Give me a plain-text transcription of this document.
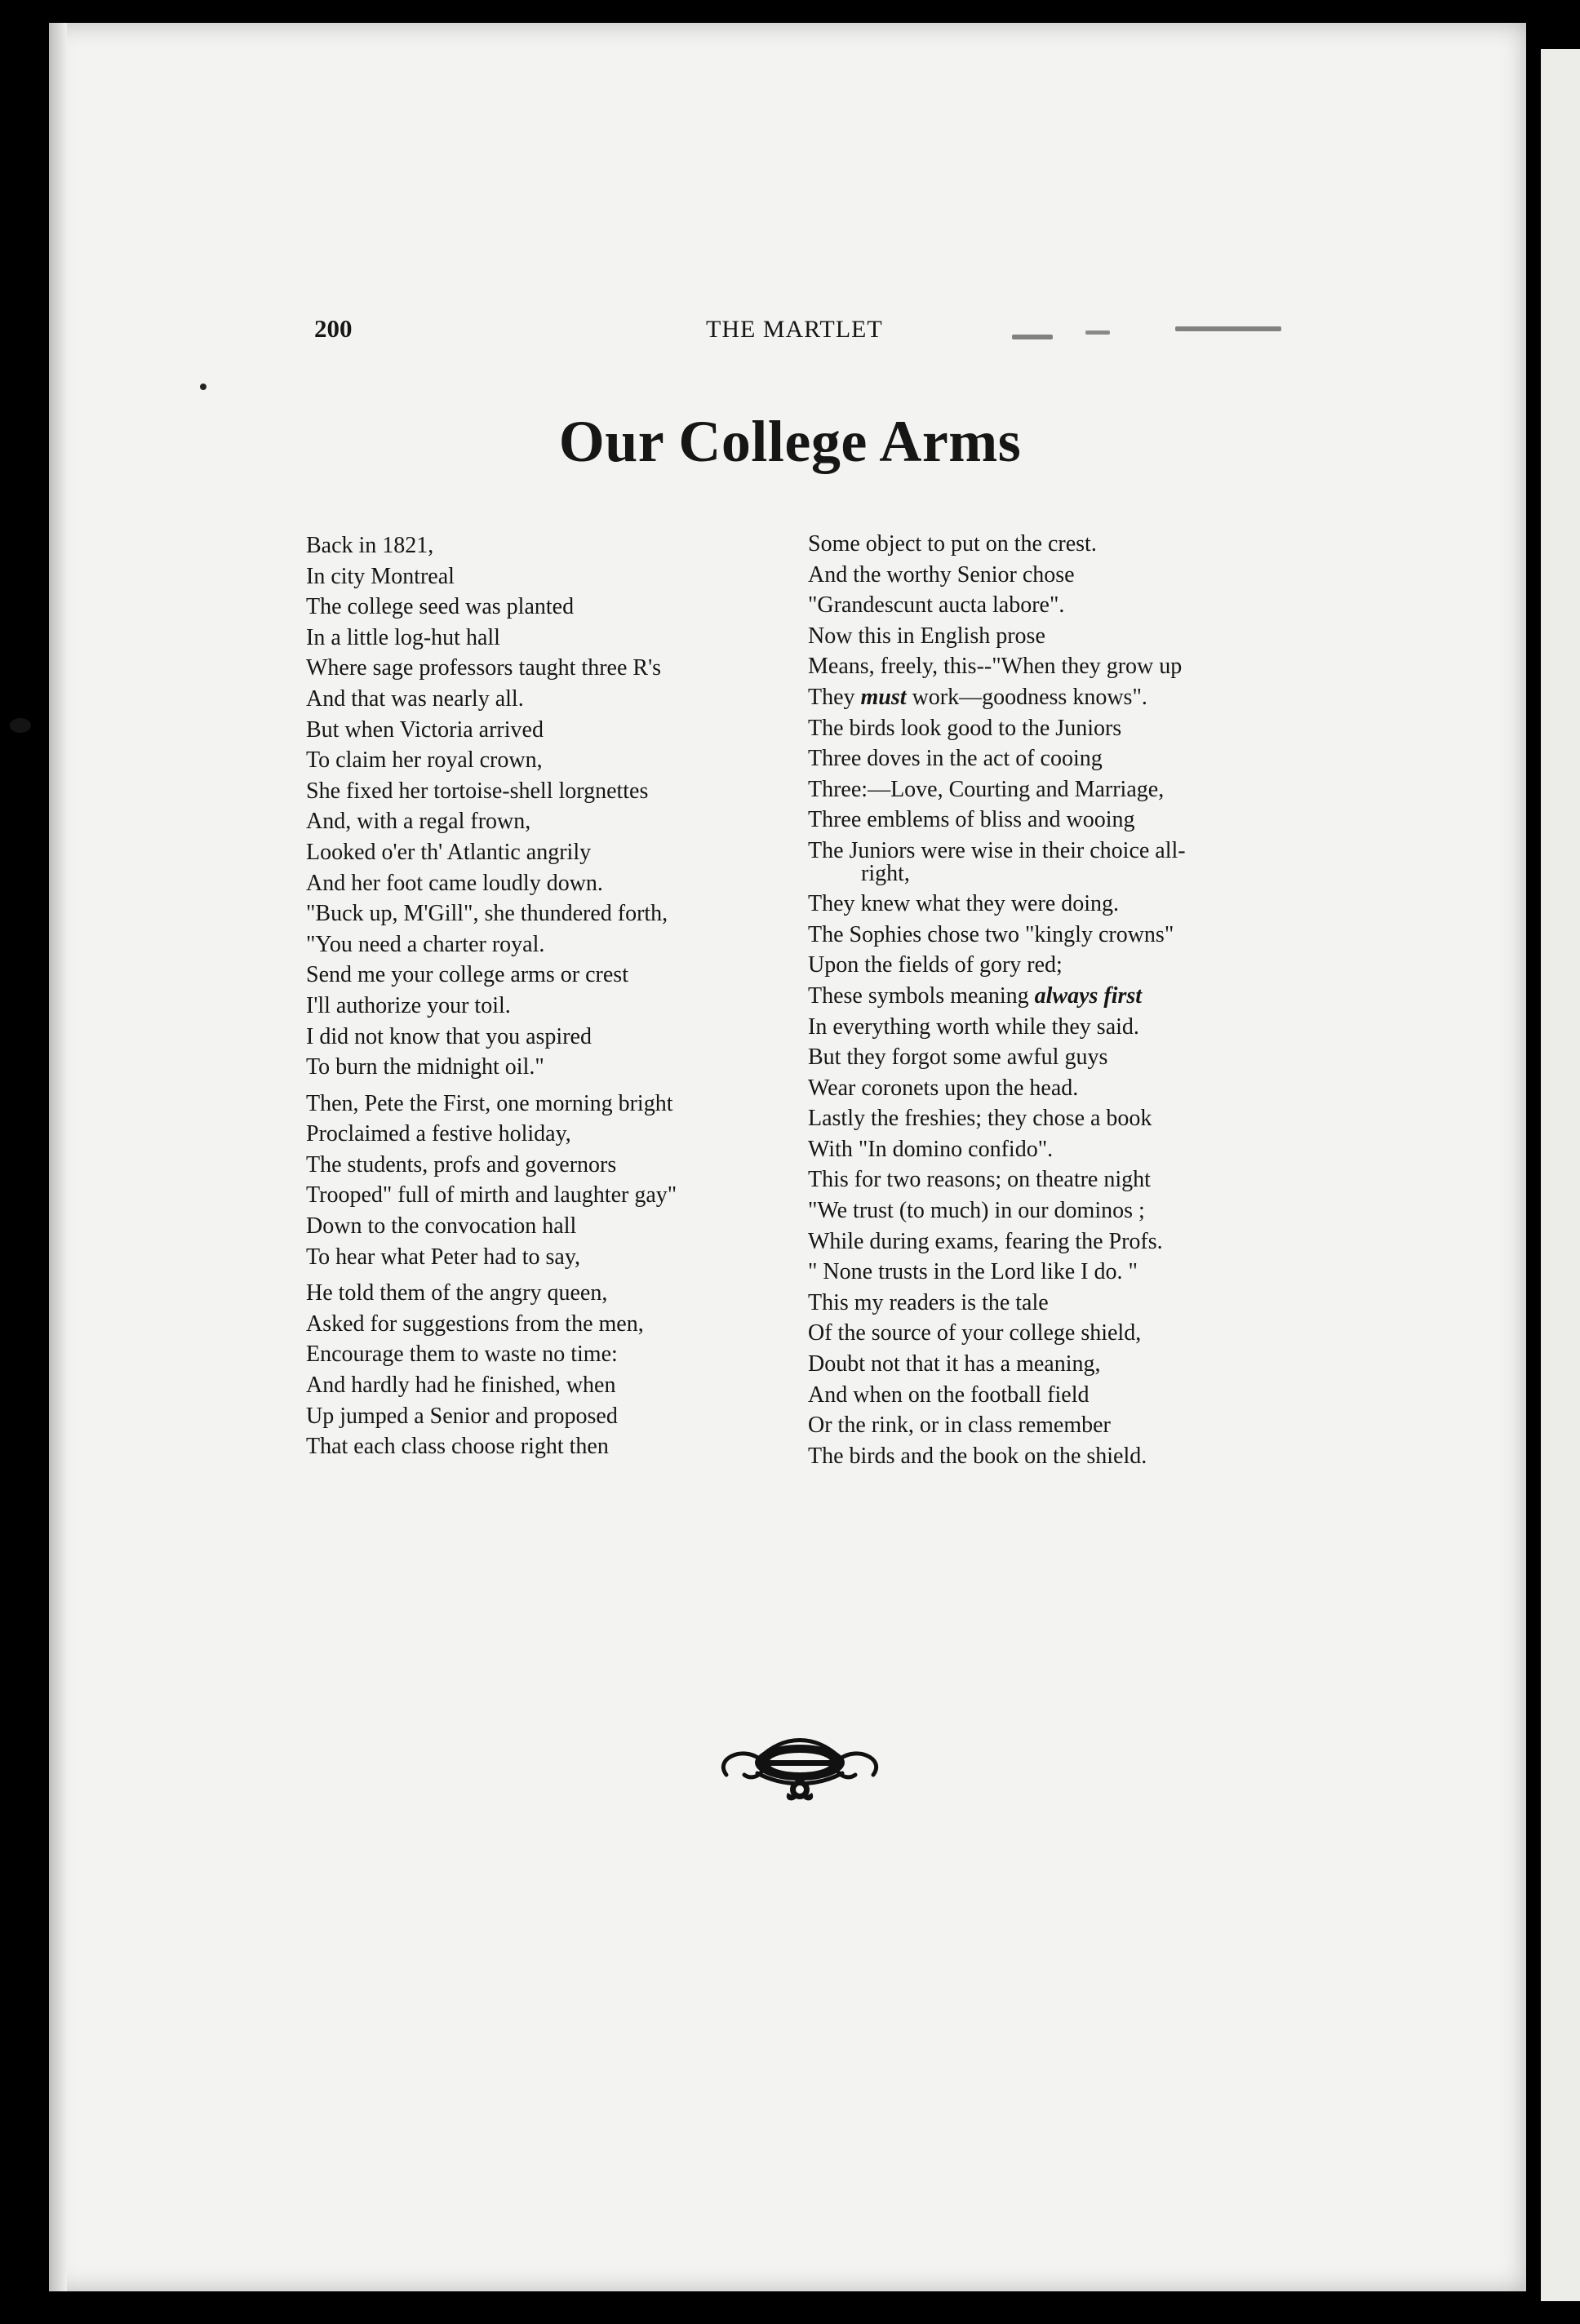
200	THE MARTLET
Our College Arms
Back in 1821,
In city Montreal
The college seed was planted
In a little log-hut hall
Where sage professors taught three R's
And that was nearly all.
But when Victoria arrived
To claim her royal crown,
She fixed her tortoise-shell lorgnettes
And, with a regal frown,
Looked o'er th' Atlantic angrily
And her foot came loudly down.
"Buck up, M'Gill", she thundered forth,
"You need a charter royal.
Send me your college arms or crest
I'll authorize your toil.
I did not know that you aspired
To burn the midnight oil."
Then, Pete the First, one morning bright
Proclaimed a festive holiday,
The students, profs and governors
Trooped" full of mirth and laughter gay"
Down to the convocation hall
To hear what Peter had to say,
He told them of the angry queen,
Asked for suggestions from the men,
Encourage them to waste no time:
And hardly had he finished, when
Up jumped a Senior and proposed
That each class choose right then
Some object to put on the crest.
And the worthy Senior chose
"Grandescunt aucta labore".
Now this in English prose
Means, freely, this--"When they grow up
They must work—goodness knows".
The birds look good to the Juniors
Three doves in the act of cooing
Three:—Love, Courting and Marriage,
Three emblems of bliss and wooing
The Juniors were wise in their choice all-
right,
They knew what they were doing.
The Sophies chose two "kingly crowns"
Upon the fields of gory red;
These symbols meaning always first
In everything worth while they said.
But they forgot some awful guys
Wear coronets upon the head.
Lastly the freshies; they chose a book
With "In domino confido".
This for two reasons; on theatre night
"We trust (to much) in our dominos ;
While during exams, fearing the Profs.
" None trusts in the Lord like I do. "
This my readers is the tale
Of the source of your college shield,
Doubt not that it has a meaning,
And when on the football field
Or the rink, or in class remember
The birds and the book on the shield.
